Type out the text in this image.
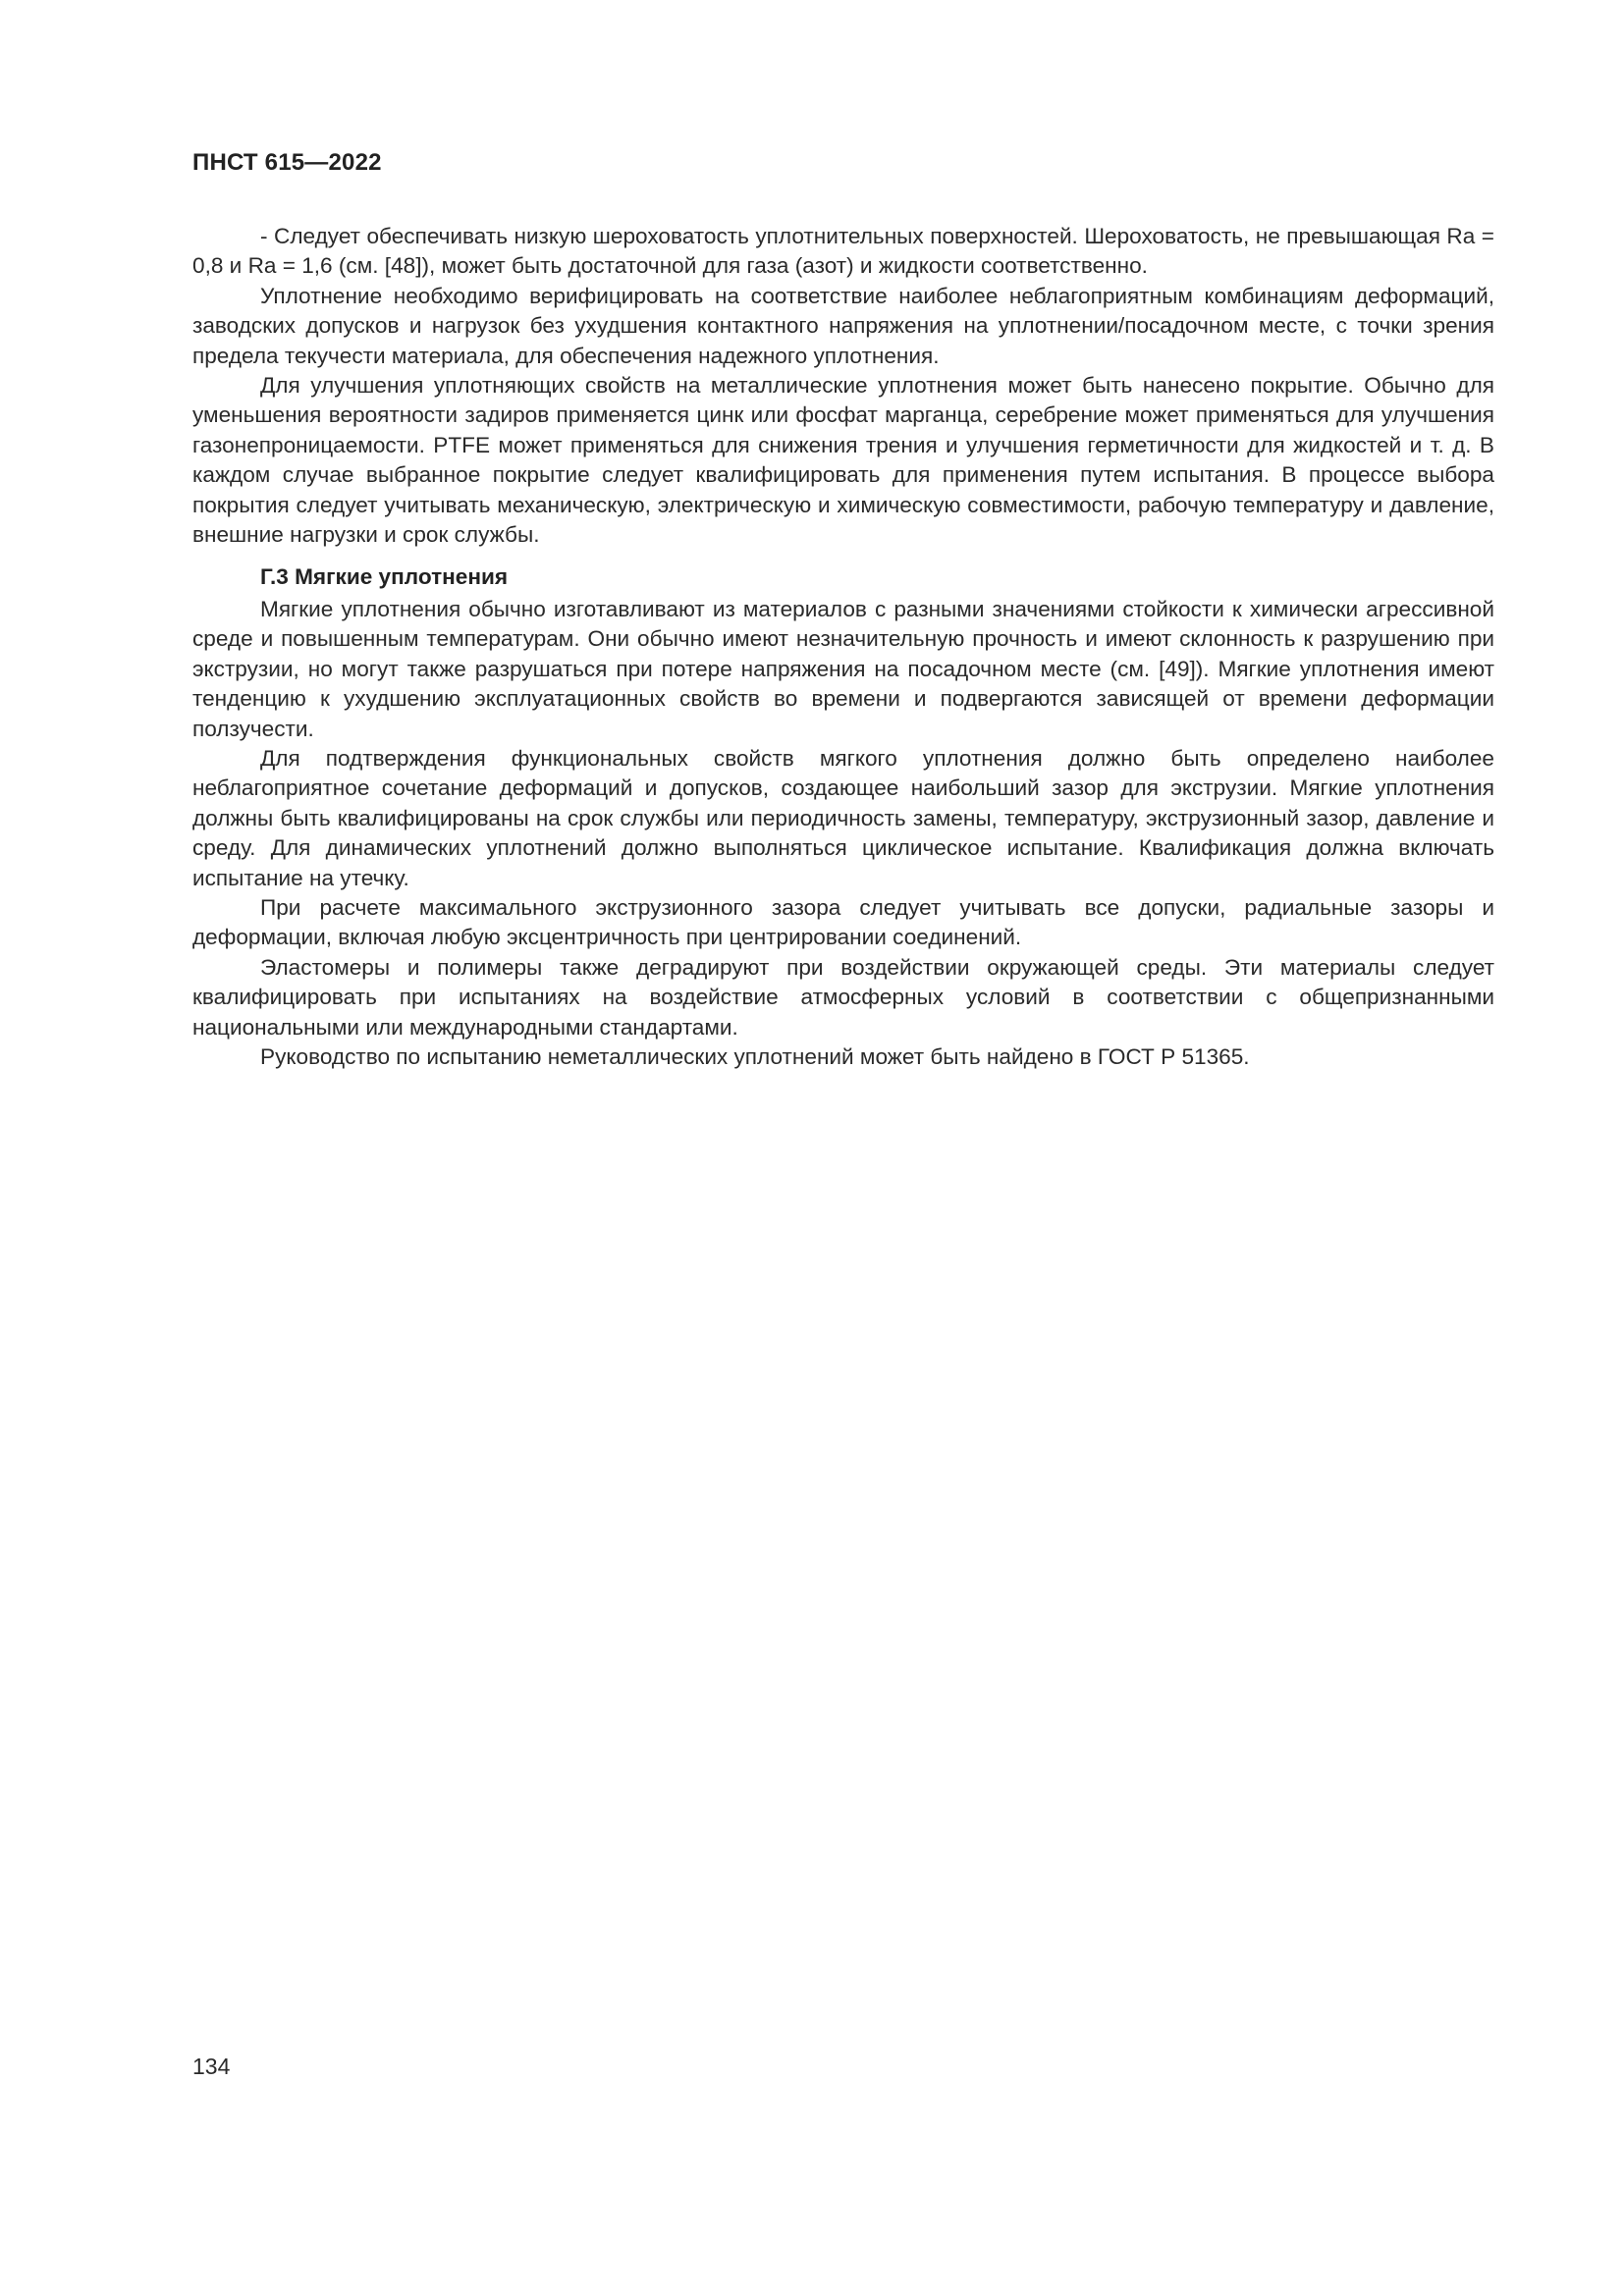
ПНСТ 615—2022

- Следует обеспечивать низкую шероховатость уплотнительных поверхностей. Шероховатость, не превышающая Ra = 0,8 и Ra = 1,6 (см. [48]), может быть достаточной для газа (азот) и жидкости соответственно.

Уплотнение необходимо верифицировать на соответствие наиболее неблагоприятным комбинациям деформаций, заводских допусков и нагрузок без ухудшения контактного напряжения на уплотнении/посадочном месте, с точки зрения предела текучести материала, для обеспечения надежного уплотнения.

Для улучшения уплотняющих свойств на металлические уплотнения может быть нанесено покрытие. Обычно для уменьшения вероятности задиров применяется цинк или фосфат марганца, серебрение может применяться для улучшения газонепроницаемости. PTFE может применяться для снижения трения и улучшения герметичности для жидкостей и т. д. В каждом случае выбранное покрытие следует квалифицировать для применения путем испытания. В процессе выбора покрытия следует учитывать механическую, электрическую и химическую совместимости, рабочую температуру и давление, внешние нагрузки и срок службы.

Г.3 Мягкие уплотнения

Мягкие уплотнения обычно изготавливают из материалов с разными значениями стойкости к химически агрессивной среде и повышенным температурам. Они обычно имеют незначительную прочность и имеют склонность к разрушению при экструзии, но могут также разрушаться при потере напряжения на посадочном месте (см. [49]). Мягкие уплотнения имеют тенденцию к ухудшению эксплуатационных свойств во времени и подвергаются зависящей от времени деформации ползучести.

Для подтверждения функциональных свойств мягкого уплотнения должно быть определено наиболее неблагоприятное сочетание деформаций и допусков, создающее наибольший зазор для экструзии. Мягкие уплотнения должны быть квалифицированы на срок службы или периодичность замены, температуру, экструзионный зазор, давление и среду. Для динамических уплотнений должно выполняться циклическое испытание. Квалификация должна включать испытание на утечку.

При расчете максимального экструзионного зазора следует учитывать все допуски, радиальные зазоры и деформации, включая любую эксцентричность при центрировании соединений.

Эластомеры и полимеры также деградируют при воздействии окружающей среды. Эти материалы следует квалифицировать при испытаниях на воздействие атмосферных условий в соответствии с общепризнанными национальными или международными стандартами.

Руководство по испытанию неметаллических уплотнений может быть найдено в ГОСТ Р 51365.

134
